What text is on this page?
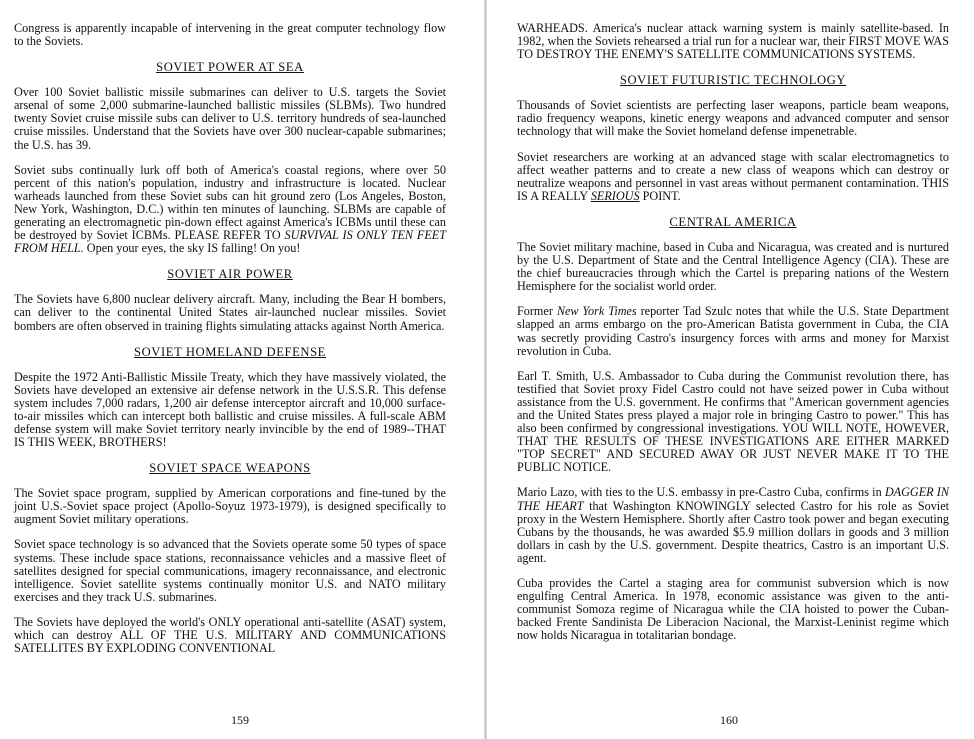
Congress is apparently incapable of intervening in the great computer technology flow to the Soviets.

SOVIET POWER AT SEA

Over 100 Soviet ballistic missile submarines can deliver to U.S. targets the Soviet arsenal of some 2,000 submarine-launched ballistic missiles (SLBMs). Two hundred twenty Soviet cruise missile subs can deliver to U.S. territory hundreds of sea-launched cruise missiles. Understand that the Soviets have over 300 nuclear-capable submarines; the U.S. has 39.

Soviet subs continually lurk off both of America's coastal regions, where over 50 percent of this nation's population, industry and infrastructure is located. Nuclear warheads launched from these Soviet subs can hit ground zero (Los Angeles, Boston, New York, Washington, D.C.) within ten minutes of launching. SLBMs are capable of generating an electromagnetic pin-down effect against America's ICBMs until these can be destroyed by Soviet ICBMs. PLEASE REFER TO SURVIVAL IS ONLY TEN FEET FROM HELL. Open your eyes, the sky IS falling! On you!

SOVIET AIR POWER

The Soviets have 6,800 nuclear delivery aircraft. Many, including the Bear H bombers, can deliver to the continental United States air-launched nuclear missiles. Soviet bombers are often observed in training flights simulating attacks against North America.

SOVIET HOMELAND DEFENSE

Despite the 1972 Anti-Ballistic Missile Treaty, which they have massively violated, the Soviets have developed an extensive air defense network in the U.S.S.R. This defense system includes 7,000 radars, 1,200 air defense interceptor aircraft and 10,000 surface-to-air missiles which can intercept both ballistic and cruise missiles. A full-scale ABM defense system will make Soviet territory nearly invincible by the end of 1989--THAT IS THIS WEEK, BROTHERS!

SOVIET SPACE WEAPONS

The Soviet space program, supplied by American corporations and fine-tuned by the joint U.S.-Soviet space project (Apollo-Soyuz 1973-1979), is designed specifically to augment Soviet military operations.

Soviet space technology is so advanced that the Soviets operate some 50 types of space systems. These include space stations, reconnaissance vehicles and a massive fleet of satellites designed for special communications, imagery reconnaissance, and electronic intelligence. Soviet satellite systems continually monitor U.S. and NATO military exercises and they track U.S. submarines.

The Soviets have deployed the world's ONLY operational anti-satellite (ASAT) system, which can destroy ALL OF THE U.S. MILITARY AND COMMUNICATIONS SATELLITES BY EXPLODING CONVENTIONAL

159

WARHEADS. America's nuclear attack warning system is mainly satellite-based. In 1982, when the Soviets rehearsed a trial run for a nuclear war, their FIRST MOVE WAS TO DESTROY THE ENEMY'S SATELLITE COMMUNICATIONS SYSTEMS.

SOVIET FUTURISTIC TECHNOLOGY

Thousands of Soviet scientists are perfecting laser weapons, particle beam weapons, radio frequency weapons, kinetic energy weapons and advanced computer and sensor technology that will make the Soviet homeland defense impenetrable.

Soviet researchers are working at an advanced stage with scalar electromagnetics to affect weather patterns and to create a new class of weapons which can destroy or neutralize weapons and personnel in vast areas without permanent contamination. THIS IS A REALLY SERIOUS POINT.

CENTRAL AMERICA

The Soviet military machine, based in Cuba and Nicaragua, was created and is nurtured by the U.S. Department of State and the Central Intelligence Agency (CIA). These are the chief bureaucracies through which the Cartel is preparing nations of the Western Hemisphere for the socialist world order.

Former New York Times reporter Tad Szulc notes that while the U.S. State Department slapped an arms embargo on the pro-American Batista government in Cuba, the CIA was secretly providing Castro's insurgency forces with arms and money for Marxist revolution in Cuba.

Earl T. Smith, U.S. Ambassador to Cuba during the Communist revolution there, has testified that Soviet proxy Fidel Castro could not have seized power in Cuba without assistance from the U.S. government. He confirms that "American government agencies and the United States press played a major role in bringing Castro to power." This has also been confirmed by congressional investigations. YOU WILL NOTE, HOWEVER, THAT THE RESULTS OF THESE INVESTIGATIONS ARE EITHER MARKED "TOP SECRET" AND SECURED AWAY OR JUST NEVER MAKE IT TO THE PUBLIC NOTICE.

Mario Lazo, with ties to the U.S. embassy in pre-Castro Cuba, confirms in DAGGER IN THE HEART that Washington KNOWINGLY selected Castro for his role as Soviet proxy in the Western Hemisphere. Shortly after Castro took power and began executing Cubans by the thousands, he was awarded $5.9 million dollars in goods and 3 million dollars in cash by the U.S. government. Despite theatrics, Castro is an important U.S. agent.

Cuba provides the Cartel a staging area for communist subversion which is now engulfing Central America. In 1978, economic assistance was given to the anti-communist Somoza regime of Nicaragua while the CIA hoisted to power the Cuban-backed Frente Sandinista De Liberacion Nacional, the Marxist-Leninist regime which now holds Nicaragua in totalitarian bondage.

160
